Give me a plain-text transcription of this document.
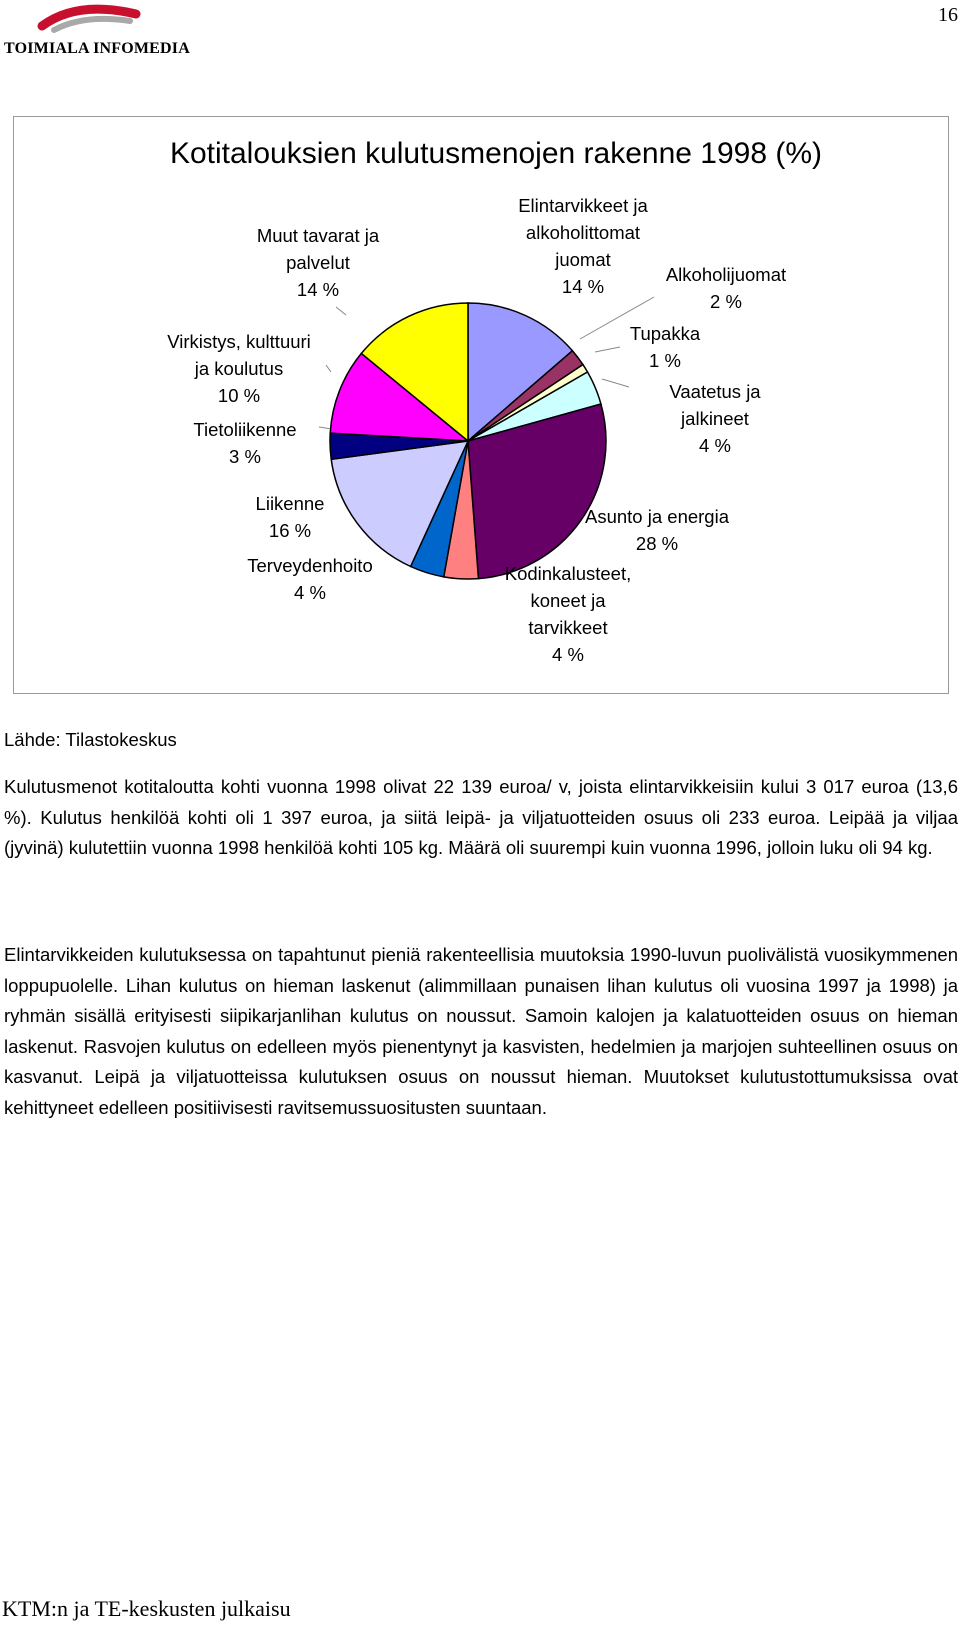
TOIMIALA INFOMEDIA
16
Kotitalouksien kulutusmenojen rakenne 1998 (%)
Elintarvikkeet ja
alkoholittomat
juomat
14 %
Alkoholijuomat
2 %
Tupakka
1 %
Vaatetus ja
jalkineet
4 %
Asunto ja energia
28 %
Kodinkalusteet,
koneet ja
tarvikkeet
4 %
Terveydenhoito
4 %
Liikenne
16 %
Tietoliikenne
3 %
Virkistys, kulttuuri
ja koulutus
10 %
Muut tavarat ja
palvelut
14 %
Lähde: Tilastokeskus

Kulutusmenot kotitaloutta kohti vuonna 1998 olivat 22 139 euroa/ v, joista elintarvikkeisiin kului 3 017 euroa (13,6 %). Kulutus henkilöä kohti oli 1 397 euroa, ja siitä leipä- ja viljatuotteiden osuus oli 233 euroa. Leipää ja viljaa (jyvinä) kulutettiin vuonna 1998 henkilöä kohti 105 kg. Määrä oli suurempi kuin vuonna 1996, jolloin luku oli 94 kg.

Elintarvikkeiden kulutuksessa on tapahtunut pieniä rakenteellisia muutoksia 1990-luvun puolivälistä vuosikymmenen loppupuolelle. Lihan kulutus on hieman laskenut (alimmillaan punaisen lihan kulutus oli vuosina 1997 ja 1998) ja ryhmän sisällä erityisesti siipikarjanlihan kulutus on noussut. Samoin kalojen ja kalatuotteiden osuus on hieman laskenut. Rasvojen kulutus on edelleen myös pienentynyt ja kasvisten, hedelmien ja marjojen suhteellinen osuus on kasvanut. Leipä ja viljatuotteissa kulutuksen osuus on noussut hieman. Muutokset kulutustottumuksissa ovat kehittyneet edelleen positiivisesti ravitsemussuositusten suuntaan.

KTM:n ja TE-keskusten julkaisu
